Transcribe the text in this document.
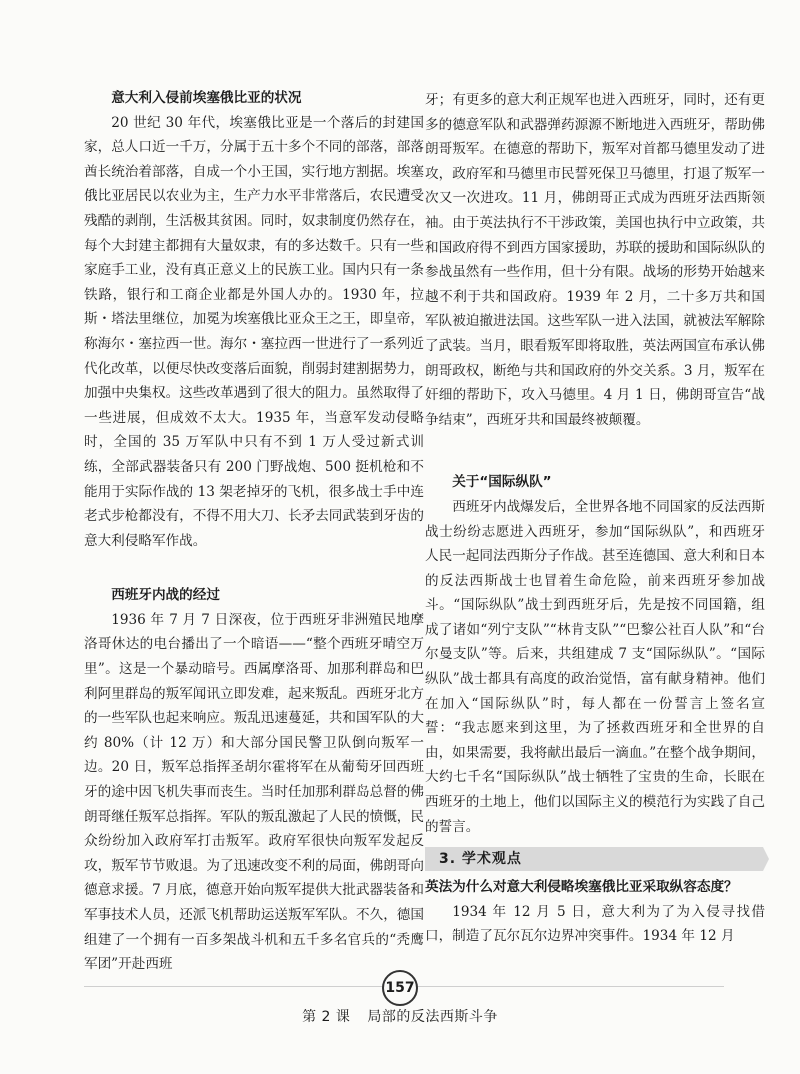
意大利入侵前埃塞俄比亚的状况

20 世纪 30 年代，埃塞俄比亚是一个落后的封建国家，总人口近一千万，分属于五十多个不同的部落，部落酋长统治着部落，自成一个小王国，实行地方割据。埃塞俄比亚居民以农业为主，生产力水平非常落后，农民遭受残酷的剥削，生活极其贫困。同时，奴隶制度仍然存在，每个大封建主都拥有大量奴隶，有的多达数千。只有一些家庭手工业，没有真正意义上的民族工业。国内只有一条铁路，银行和工商企业都是外国人办的。1930 年，拉斯・塔法里继位，加冕为埃塞俄比亚众王之王，即皇帝，称海尔・塞拉西一世。海尔・塞拉西一世进行了一系列近代化改革，以便尽快改变落后面貌，削弱封建割据势力，加强中央集权。这些改革遇到了很大的阻力。虽然取得了一些进展，但成效不太大。1935 年，当意军发动侵略时，全国的 35 万军队中只有不到 1 万人受过新式训练，全部武器装备只有 200 门野战炮、500 挺机枪和不能用于实际作战的 13 架老掉牙的飞机，很多战士手中连老式步枪都没有，不得不用大刀、长矛去同武装到牙齿的意大利侵略军作战。

西班牙内战的经过

1936 年 7 月 7 日深夜，位于西班牙非洲殖民地摩洛哥休达的电台播出了一个暗语——“整个西班牙晴空万里”。这是一个暴动暗号。西属摩洛哥、加那利群岛和巴利阿里群岛的叛军闻讯立即发难，起来叛乱。西班牙北方的一些军队也起来响应。叛乱迅速蔓延，共和国军队的大约 80%（计 12 万）和大部分国民警卫队倒向叛军一边。20 日，叛军总指挥圣胡尔霍将军在从葡萄牙回西班牙的途中因飞机失事而丧生。当时任加那利群岛总督的佛朗哥继任叛军总指挥。军队的叛乱激起了人民的愤慨，民众纷纷加入政府军打击叛军。政府军很快向叛军发起反攻，叛军节节败退。为了迅速改变不利的局面，佛朗哥向德意求援。7 月底，德意开始向叛军提供大批武器装备和军事技术人员，还派飞机帮助运送叛军军队。不久，德国组建了一个拥有一百多架战斗机和五千多名官兵的“秃鹰军团”开赴西班

牙；有更多的意大利正规军也进入西班牙，同时，还有更多的德意军队和武器弹药源源不断地进入西班牙，帮助佛朗哥叛军。在德意的帮助下，叛军对首都马德里发动了进攻，政府军和马德里市民誓死保卫马德里，打退了叛军一次又一次进攻。11 月，佛朗哥正式成为西班牙法西斯领袖。由于英法执行不干涉政策，美国也执行中立政策，共和国政府得不到西方国家援助，苏联的援助和国际纵队的参战虽然有一些作用，但十分有限。战场的形势开始越来越不利于共和国政府。1939 年 2 月，二十多万共和国军队被迫撤进法国。这些军队一进入法国，就被法军解除了武装。当月，眼看叛军即将取胜，英法两国宣布承认佛朗哥政权，断绝与共和国政府的外交关系。3 月，叛军在奸细的帮助下，攻入马德里。4 月 1 日，佛朗哥宣告“战争结束”，西班牙共和国最终被颠覆。

关于“国际纵队”

西班牙内战爆发后，全世界各地不同国家的反法西斯战士纷纷志愿进入西班牙，参加“国际纵队”，和西班牙人民一起同法西斯分子作战。甚至连德国、意大利和日本的反法西斯战士也冒着生命危险，前来西班牙参加战斗。“国际纵队”战士到西班牙后，先是按不同国籍，组成了诸如“列宁支队”“林肯支队”“巴黎公社百人队”和“台尔曼支队”等。后来，共组建成 7 支“国际纵队”。“国际纵队”战士都具有高度的政治觉悟，富有献身精神。他们在加入“国际纵队”时，每人都在一份誓言上签名宣誓：“我志愿来到这里，为了拯救西班牙和全世界的自由，如果需要，我将献出最后一滴血。”在整个战争期间，大约七千名“国际纵队”战士牺牲了宝贵的生命，长眠在西班牙的土地上，他们以国际主义的模范行为实践了自己的誓言。

3. 学术观点
英法为什么对意大利侵略埃塞俄比亚采取纵容态度？

1934 年 12 月 5 日，意大利为了为入侵寻找借口，制造了瓦尔瓦尔边界冲突事件。1934 年 12 月

157
第 2 课 局部的反法西斯斗争
